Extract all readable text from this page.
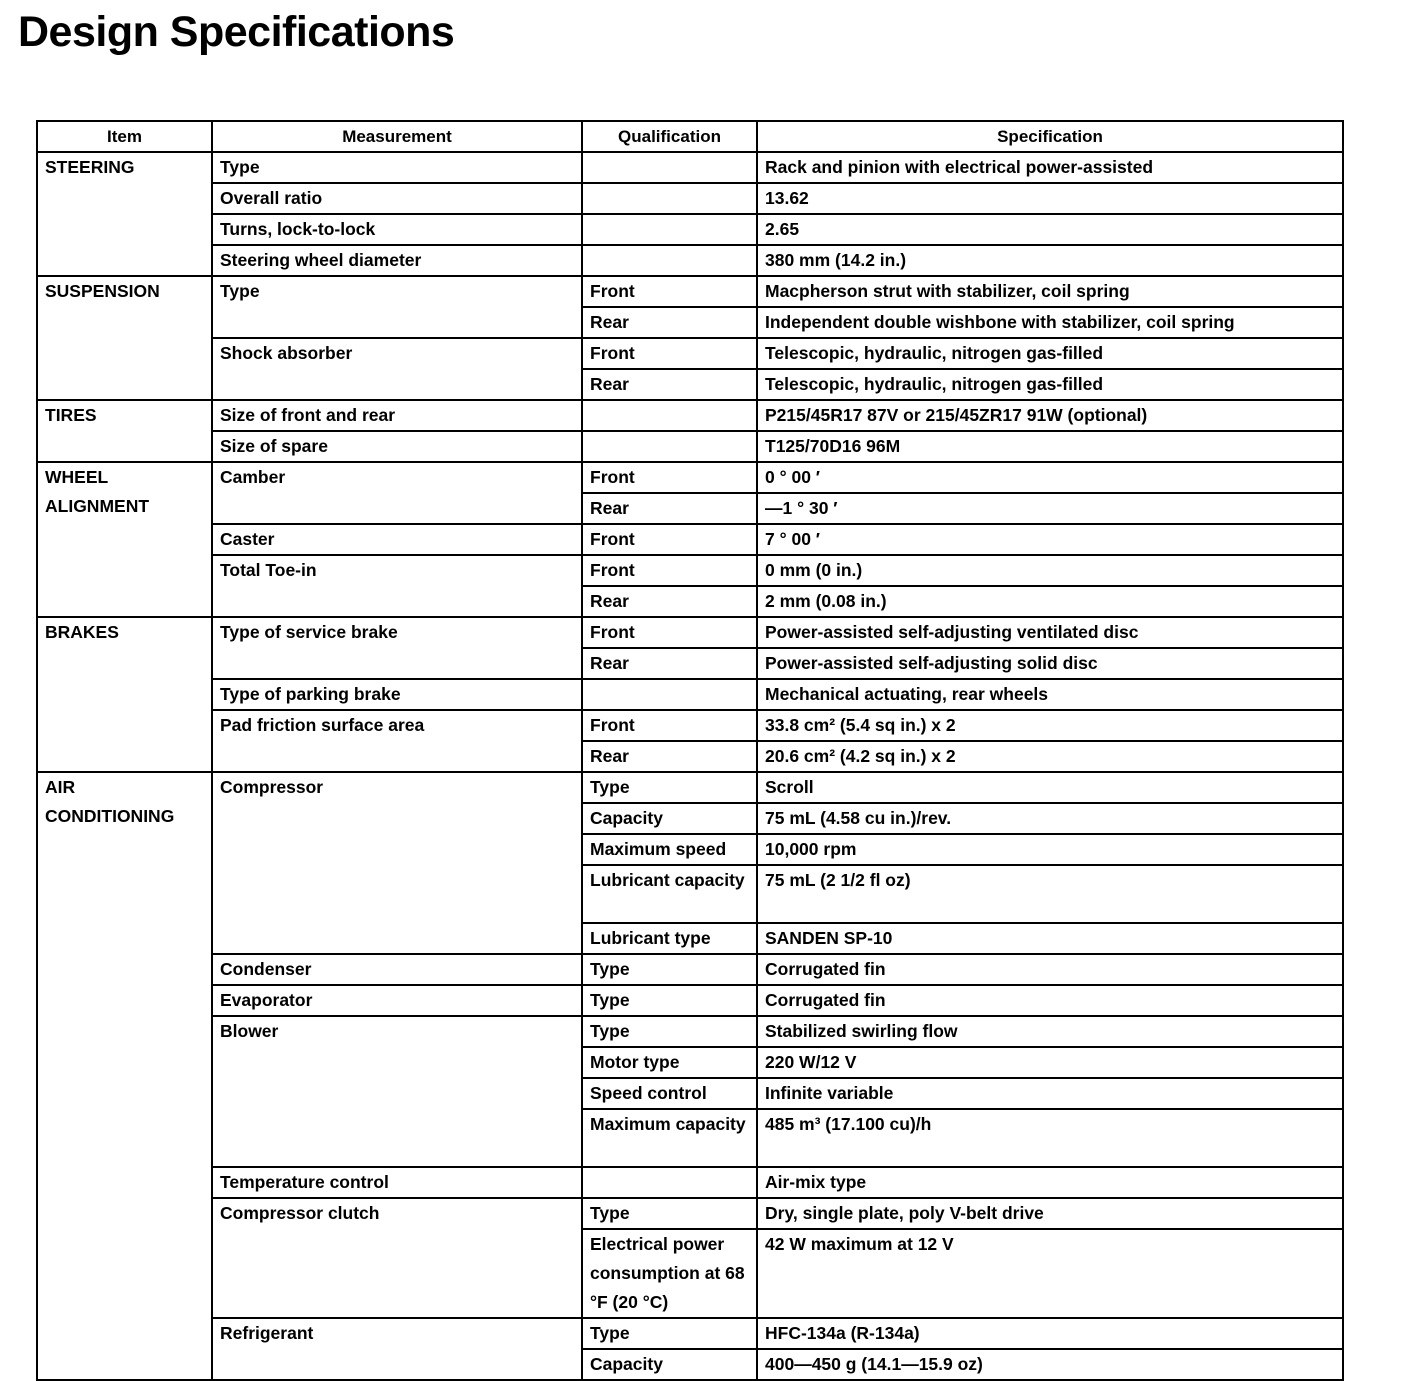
Design Specifications
Item	Measurement	Qualification	Specification
STEERING	Type		Rack and pinion with electrical power-assisted
	Overall ratio		13.62
	Turns, lock-to-lock		2.65
	Steering wheel diameter		380 mm (14.2 in.)
SUSPENSION	Type	Front	Macpherson strut with stabilizer, coil spring
		Rear	Independent double wishbone with stabilizer, coil spring
	Shock absorber	Front	Telescopic, hydraulic, nitrogen gas-filled
		Rear	Telescopic, hydraulic, nitrogen gas-filled
TIRES	Size of front and rear		P215/45R17 87V or 215/45ZR17 91W (optional)
	Size of spare		T125/70D16 96M
WHEEL
ALIGNMENT	Camber	Front	0 ° 00 ′
		Rear	—1 ° 30 ′
	Caster	Front	7 ° 00 ′
	Total Toe-in	Front	0 mm (0 in.)
		Rear	2 mm (0.08 in.)
BRAKES	Type of service brake	Front	Power-assisted self-adjusting ventilated disc
		Rear	Power-assisted self-adjusting solid disc
	Type of parking brake		Mechanical actuating, rear wheels
	Pad friction surface area	Front	33.8 cm² (5.4 sq in.) x 2
		Rear	20.6 cm² (4.2 sq in.) x 2
AIR
CONDITIONING	Compressor	Type	Scroll
		Capacity	75 mL (4.58 cu in.)/rev.
		Maximum speed	10,000 rpm
		Lubricant capacity	75 mL (2 1/2 fl oz)
		Lubricant type	SANDEN SP-10
	Condenser	Type	Corrugated fin
	Evaporator	Type	Corrugated fin
	Blower	Type	Stabilized swirling flow
		Motor type	220 W/12 V
		Speed control	Infinite variable
		Maximum capacity	485 m³ (17.100 cu)/h
	Temperature control		Air-mix type
	Compressor clutch	Type	Dry, single plate, poly V-belt drive
		Electrical power consumption at 68 °F (20 °C)	42 W maximum at 12 V
	Refrigerant	Type	HFC-134a (R-134a)
		Capacity	400—450 g (14.1—15.9 oz)
